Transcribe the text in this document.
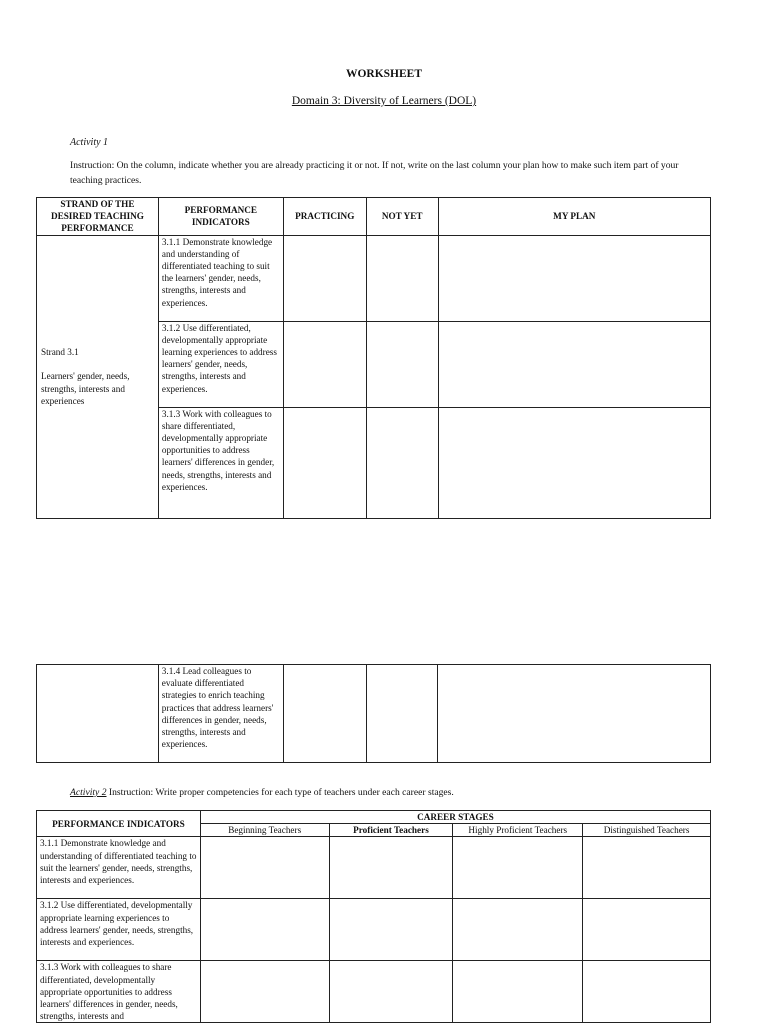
WORKSHEET
Domain 3: Diversity of Learners (DOL)
Activity 1
Instruction: On the column, indicate whether you are already practicing it or not. If not, write on the last column your plan how to make such item part of your teaching practices.
STRAND OF THE DESIRED TEACHING PERFORMANCE	PERFORMANCE INDICATORS	PRACTICING	NOT YET	MY PLAN

Strand 3.1
Learners' gender, needs, strengths, interests and experiences	3.1.1 Demonstrate knowledge and understanding of differentiated teaching to suit the learners' gender, needs, strengths, interests and experiences.			
	3.1.2 Use differentiated, developmentally appropriate learning experiences to address learners' gender, needs, strengths, interests and experiences.			
	3.1.3 Work with colleagues to share differentiated, developmentally appropriate opportunities to address learners' differences in gender, needs, strengths, interests and experiences.			
	3.1.4 Lead colleagues to evaluate differentiated strategies to enrich teaching practices that address learners' differences in gender, needs, strengths, interests and experiences.			
Activity 2 Instruction: Write proper competencies for each type of teachers under each career stages.
PERFORMANCE INDICATORS	CAREER STAGES			
	Beginning Teachers	Proficient Teachers	Highly Proficient Teachers	Distinguished Teachers
3.1.1 Demonstrate knowledge and understanding of differentiated teaching to suit the learners' gender, needs, strengths, interests and experiences.				
3.1.2 Use differentiated, developmentally appropriate learning experiences to address learners' gender, needs, strengths, interests and experiences.				
3.1.3 Work with colleagues to share differentiated, developmentally appropriate opportunities to address learners' differences in gender, needs, strengths, interests and				
